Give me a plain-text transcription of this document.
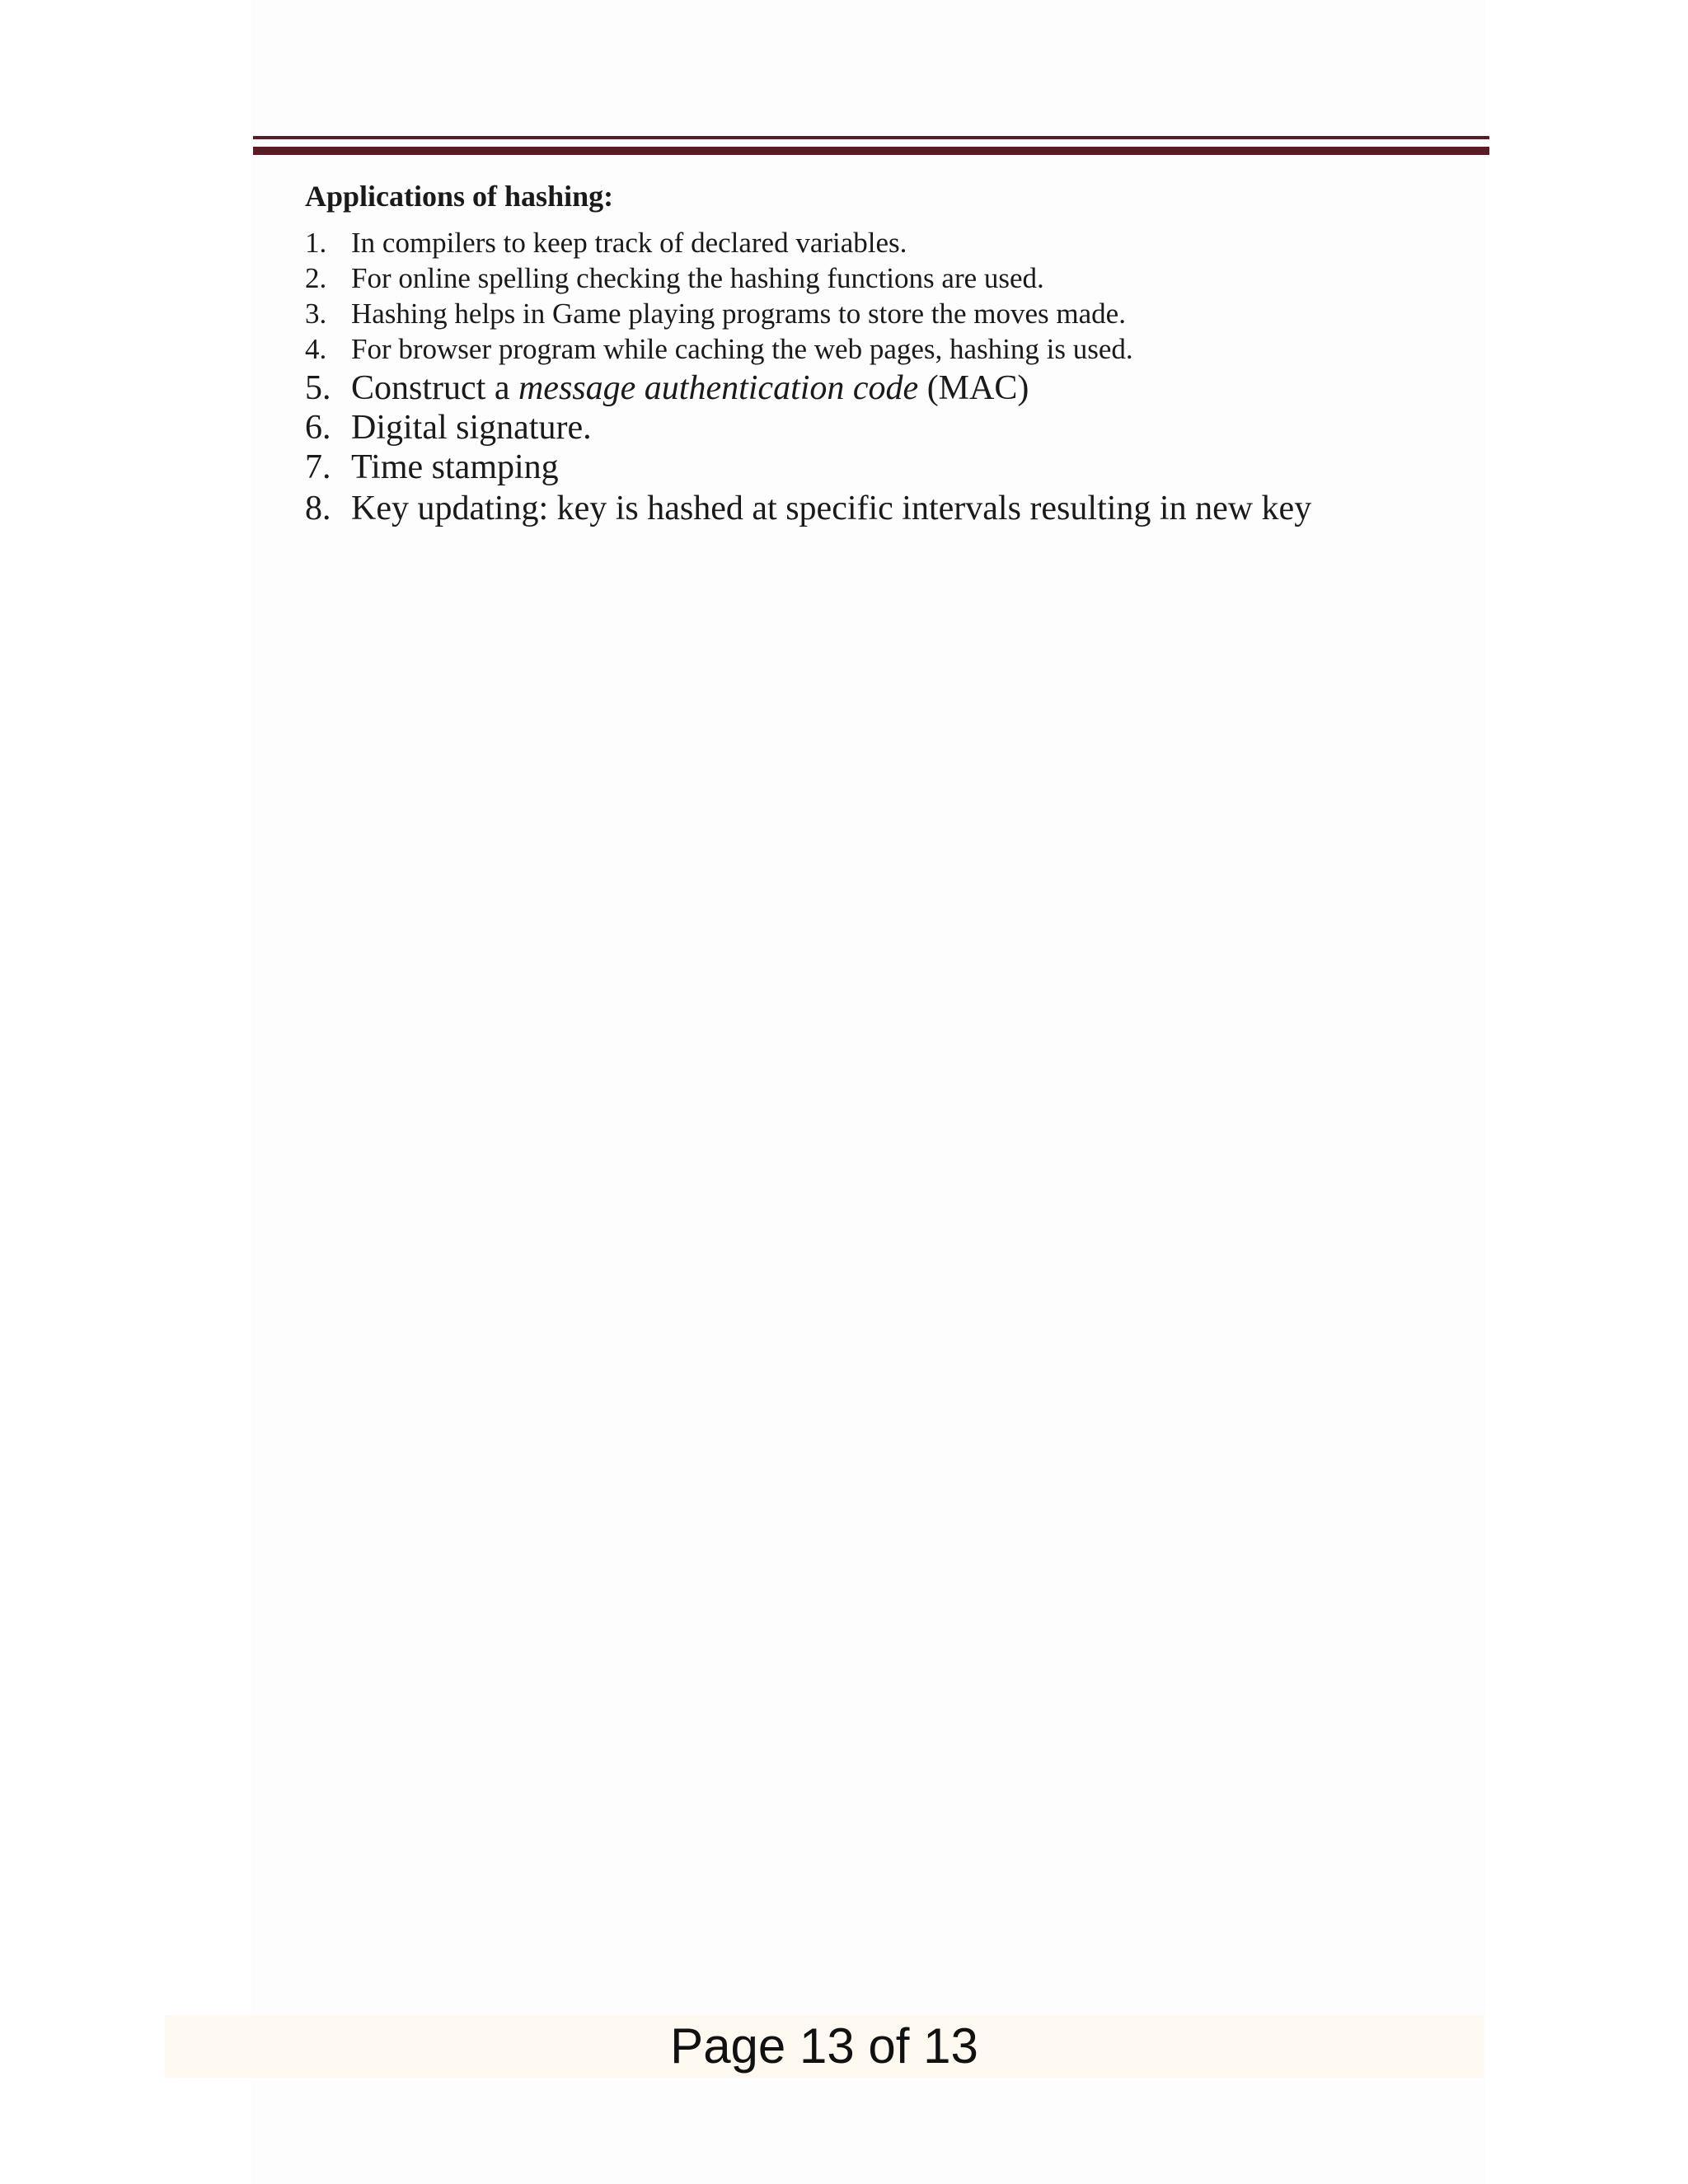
Applications of hashing:
1. In compilers to keep track of declared variables.
2. For online spelling checking the hashing functions are used.
3. Hashing helps in Game playing programs to store the moves made.
4. For browser program while caching the web pages, hashing is used.
5. Construct a message authentication code (MAC)
6. Digital signature.
7. Time stamping
8. Key updating: key is hashed at specific intervals resulting in new key
Page 13 of 13
